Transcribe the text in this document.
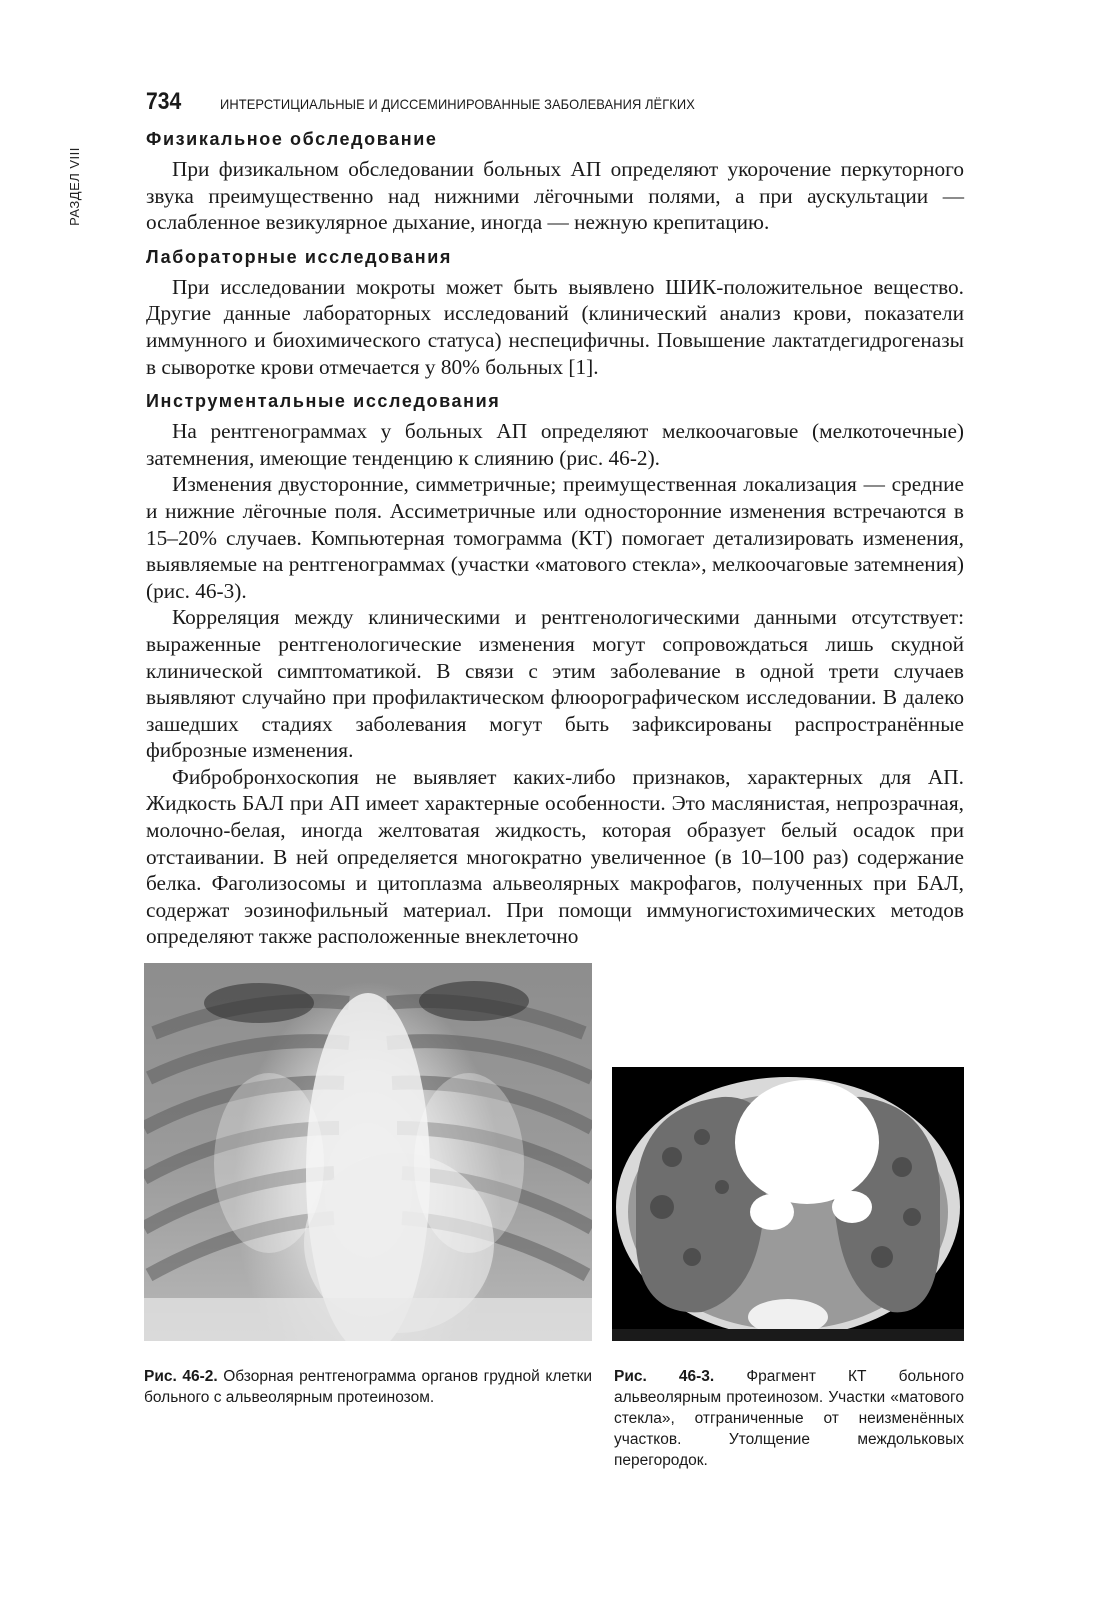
РАЗДЕЛ VIII
734	ИНТЕРСТИЦИАЛЬНЫЕ И ДИССЕМИНИРОВАННЫЕ ЗАБОЛЕВАНИЯ ЛЁГКИХ
Физикальное обследование

При физикальном обследовании больных АП определяют укорочение перкуторного звука преимущественно над нижними лёгочными полями, а при аускультации — ослабленное везикулярное дыхание, иногда — нежную крепитацию.

Лабораторные исследования

При исследовании мокроты может быть выявлено ШИК-положительное вещество. Другие данные лабораторных исследований (клинический анализ крови, показатели иммунного и биохимического статуса) неспецифичны. Повышение лактатдегидрогеназы в сыворотке крови отмечается у 80% больных [1].

Инструментальные исследования

На рентгенограммах у больных АП определяют мелкоочаговые (мелкоточечные) затемнения, имеющие тенденцию к слиянию (рис. 46-2).

Изменения двусторонние, симметричные; преимущественная локализация — средние и нижние лёгочные поля. Ассиметричные или односторонние изменения встречаются в 15–20% случаев. Компьютерная томограмма (КТ) помогает детализировать изменения, выявляемые на рентгенограммах (участки «матового стекла», мелкоочаговые затемнения) (рис. 46-3).

Корреляция между клиническими и рентгенологическими данными отсутствует: выраженные рентгенологические изменения могут сопровождаться лишь скудной клинической симптоматикой. В связи с этим заболевание в одной трети случаев выявляют случайно при профилактическом флюорографическом исследовании. В далеко зашедших стадиях заболевания могут быть зафиксированы распространённые фиброзные изменения.

Фибробронхоскопия не выявляет каких-либо признаков, характерных для АП. Жидкость БАЛ при АП имеет характерные особенности. Это маслянистая, непрозрачная, молочно-белая, иногда желтоватая жидкость, которая образует белый осадок при отстаивании. В ней определяется многократно увеличенное (в 10–100 раз) содержание белка. Фаголизосомы и цитоплазма альвеолярных макрофагов, полученных при БАЛ, содержат эозинофильный материал. При помощи иммуногистохимических методов определяют также расположенные внеклеточно

Рис. 46-2. Обзорная рентгенограмма органов грудной клетки больного с альвеолярным протеинозом.
Рис. 46-3. Фрагмент КТ больного альвеолярным протеинозом. Участки «матового стекла», отграниченные от неизменённых участков. Утолщение междольковых перегородок.
